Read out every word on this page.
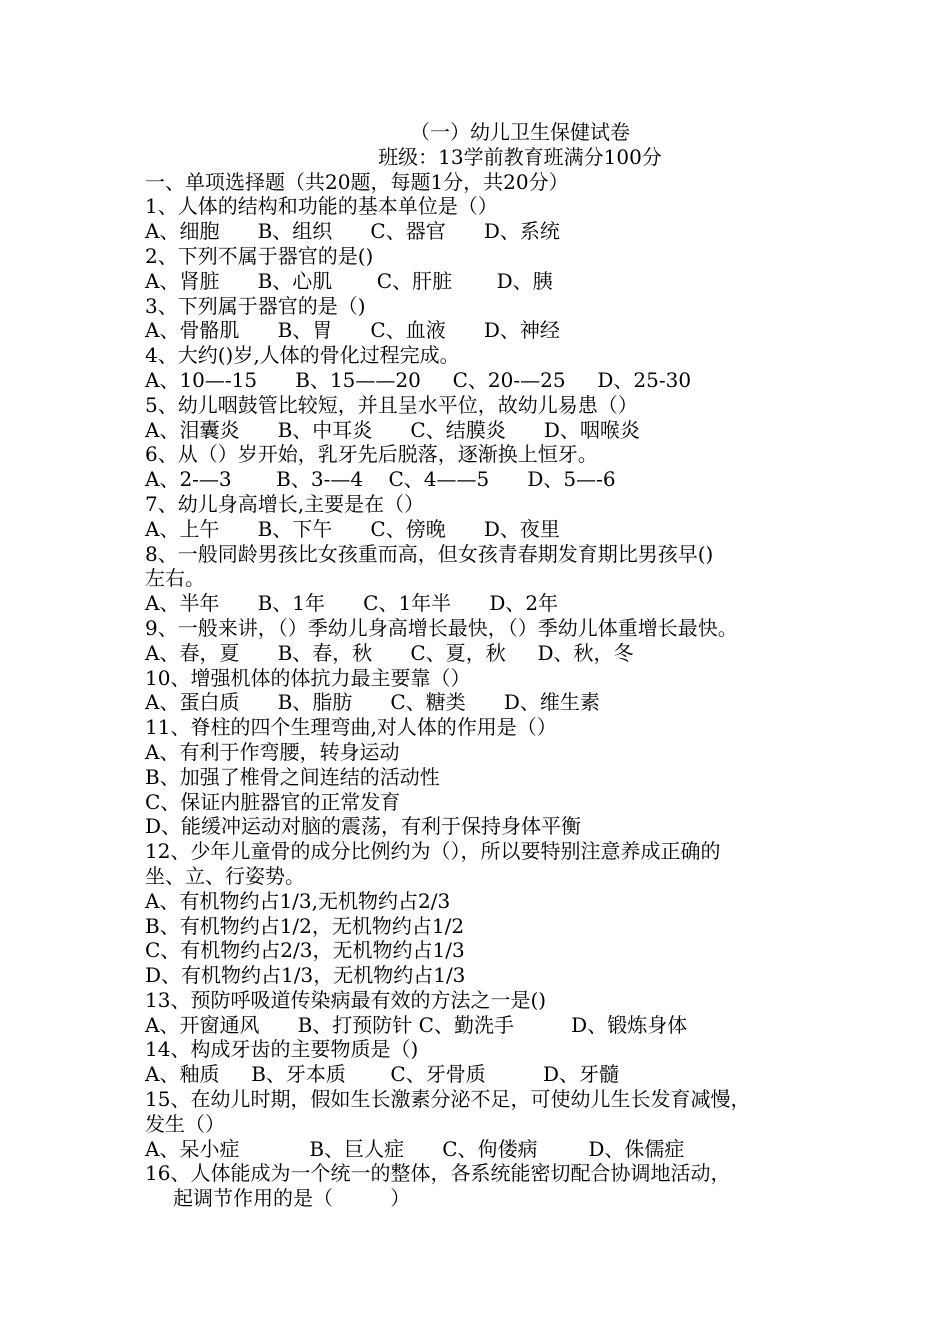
（一）幼儿卫生保健试卷
班级：13学前教育班满分100分
一、单项选择题（共20题，每题1分，共20分）
1、人体的结构和功能的基本单位是（）
A、细胞      B、组织      C、器官      D、系统
2、下列不属于器官的是()
A、肾脏      B、心肌       C、肝脏       D、胰
3、下列属于器官的是（)
A、骨骼肌      B、胃      C、血液      D、神经
4、大约()岁,人体的骨化过程完成。
A、10—-15      B、15——20     C、20-—25     D、25-30
5、幼儿咽鼓管比较短，并且呈水平位，故幼儿易患（）
A、泪囊炎      B、中耳炎      C、结膜炎      D、咽喉炎
6、从（）岁开始，乳牙先后脱落，逐渐换上恒牙。
A、2-—3       B、3-—4    C、4——5      D、5—-6
7、幼儿身高增长,主要是在（）
A、上午      B、下午      C、傍晚      D、夜里
8、一般同龄男孩比女孩重而高，但女孩青春期发育期比男孩早()
左右。
A、半年      B、1年      C、1年半      D、2年
9、一般来讲，（）季幼儿身高增长最快，（）季幼儿体重增长最快。
A、春，夏      B、春，秋      C、夏，秋     D、秋，冬
10、增强机体的体抗力最主要靠（）
A、蛋白质      B、脂肪      C、糖类      D、维生素
11、脊柱的四个生理弯曲,对人体的作用是（）
A、有利于作弯腰，转身运动
B、加强了椎骨之间连结的活动性
C、保证内脏器官的正常发育
D、能缓冲运动对脑的震荡，有利于保持身体平衡
12、少年儿童骨的成分比例约为（），所以要特别注意养成正确的
坐、立、行姿势。
A、有机物约占1/3,无机物约占2/3
B、有机物约占1/2，无机物约占1/2
C、有机物约占2/3，无机物约占1/3
D、有机物约占1/3，无机物约占1/3
13、预防呼吸道传染病最有效的方法之一是()
A、开窗通风      B、打预防针 C、勤洗手         D、锻炼身体
14、构成牙齿的主要物质是（)
A、釉质     B、牙本质       C、牙骨质         D、牙髓
15、在幼儿时期，假如生长激素分泌不足，可使幼儿生长发育减慢，
发生（）
A、呆小症           B、巨人症      C、佝偻病        D、侏儒症
16、人体能成为一个统一的整体，各系统能密切配合协调地活动，
起调节作用的是（         ）
